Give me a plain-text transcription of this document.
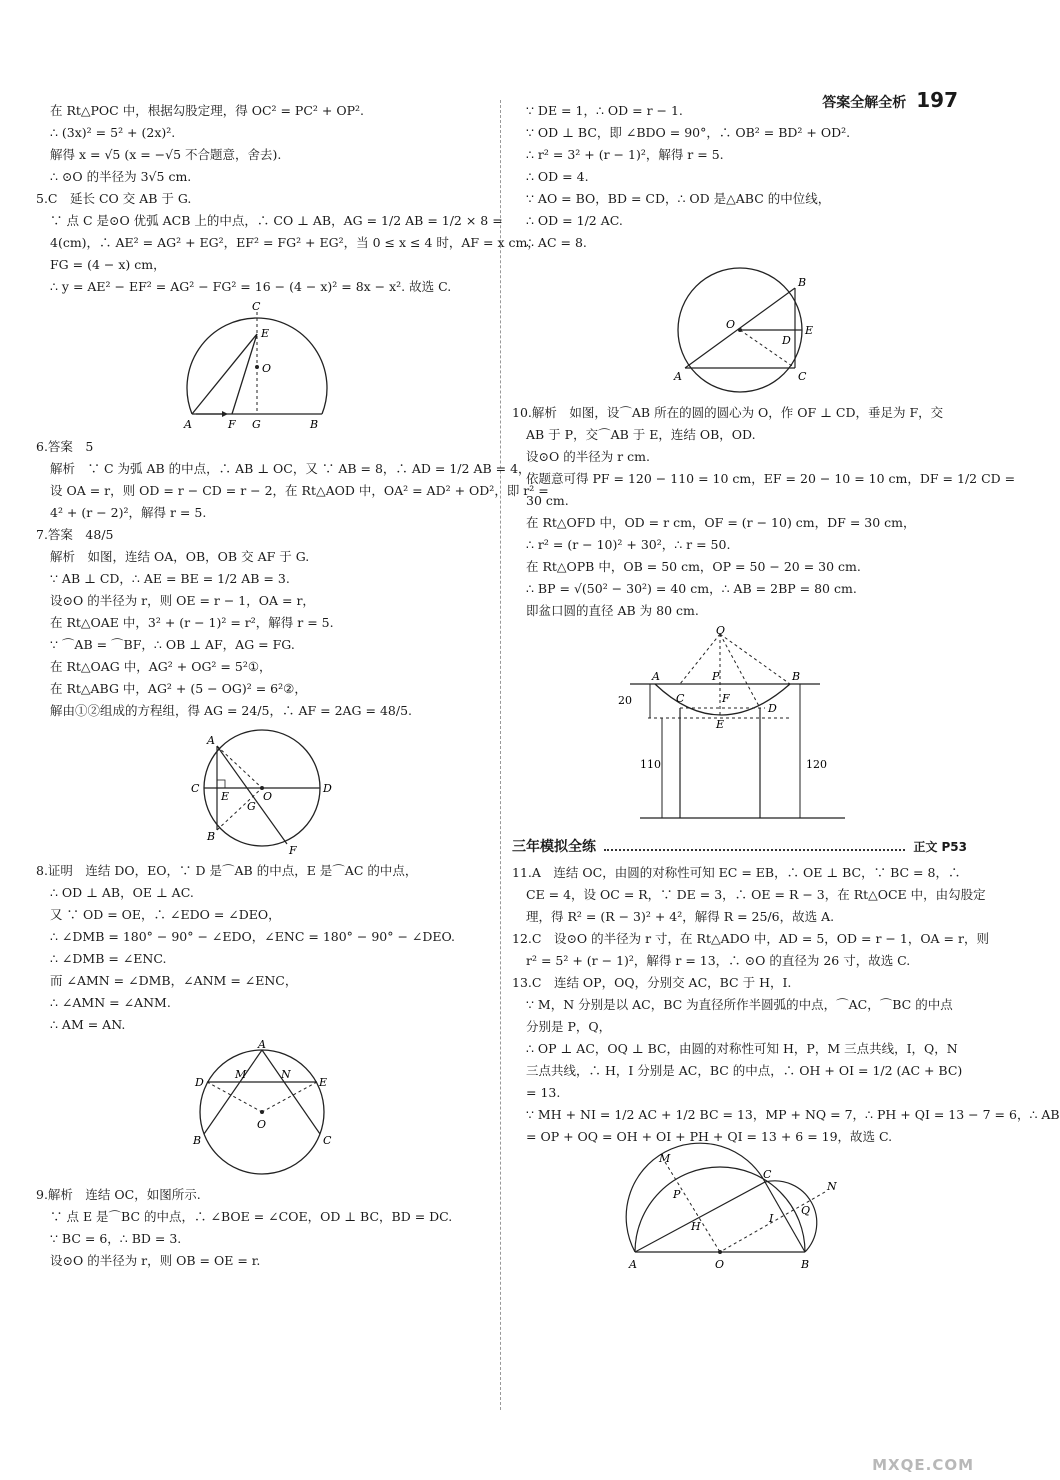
答案全解全析 197
在 Rt△POC 中，根据勾股定理，得 OC² = PC² + OP².
∴ (3x)² = 5² + (2x)².
解得 x = √5 (x = −√5 不合题意，舍去).
∴ ⊙O 的半径为 3√5 cm.
5.C　延长 CO 交 AB 于 G.
∵ 点 C 是⊙O 优弧 ACB 上的中点，∴ CO ⊥ AB，AG = 1/2 AB = 1/2 × 8 =
4(cm)，∴ AE² = AG² + EG²，EF² = FG² + EG²，当 0 ≤ x ≤ 4 时，AF = x cm，
FG = (4 − x) cm，
∴ y = AE² − EF² = AG² − FG² = 16 − (4 − x)² = 8x − x². 故选 C.
C
E
O
A	F G	B
6.答案　5
解析　∵ C 为弧 AB 的中点，∴ AB ⊥ OC，又 ∵ AB = 8，∴ AD = 1/2 AB = 4，
设 OA = r，则 OD = r − CD = r − 2，在 Rt△AOD 中，OA² = AD² + OD²，即 r² =
4² + (r − 2)²，解得 r = 5.
7.答案　48/5
解析　如图，连结 OA，OB，OB 交 AF 于 G.
∵ AB ⊥ CD，∴ AE = BE = 1/2 AB = 3.
设⊙O 的半径为 r，则 OE = r − 1，OA = r，
在 Rt△OAE 中，3² + (r − 1)² = r²，解得 r = 5.
∵ ⌒AB = ⌒BF，∴ OB ⊥ AF，AG = FG.
在 Rt△OAG 中，AG² + OG² = 5²①，
在 Rt△ABG 中，AG² + (5 − OG)² = 6²②，
解由①②组成的方程组，得 AG = 24/5，∴ AF = 2AG = 48/5.
A
C
E	O
D
G
B
F
8.证明　连结 DO，EO，∵ D 是⌒AB 的中点，E 是⌒AC 的中点，
∴ OD ⊥ AB，OE ⊥ AC.
又 ∵ OD = OE，∴ ∠EDO = ∠DEO，
∴ ∠DMB = 180° − 90° − ∠EDO，∠ENC = 180° − 90° − ∠DEO.
∴ ∠DMB = ∠ENC.
而 ∠AMN = ∠DMB，∠ANM = ∠ENC，
∴ ∠AMN = ∠ANM.
∴ AM = AN.
A
D
M	N
E
O
B	C
9.解析　连结 OC，如图所示.
∵ 点 E 是⌒BC 的中点，∴ ∠BOE = ∠COE，OD ⊥ BC，BD = DC.
∵ BC = 6，∴ BD = 3.
设⊙O 的半径为 r，则 OB = OE = r.
∵ DE = 1，∴ OD = r − 1.
∵ OD ⊥ BC，即 ∠BDO = 90°，∴ OB² = BD² + OD².
∴ r² = 3² + (r − 1)²，解得 r = 5.
∴ OD = 4.
∵ AO = BO，BD = CD，∴ OD 是△ABC 的中位线，
∴ OD = 1/2 AC.
∴ AC = 8.
B
O
D
E
A	C
10.解析　如图，设⌒AB 所在的圆的圆心为 O，作 OF ⊥ CD，垂足为 F，交
AB 于 P，交⌒AB 于 E，连结 OB，OD.
设⊙O 的半径为 r cm.
依题意可得 PF = 120 − 110 = 10 cm，EF = 20 − 10 = 10 cm，DF = 1/2 CD =
30 cm.
在 Rt△OFD 中，OD = r cm，OF = (r − 10) cm，DF = 30 cm，
∴ r² = (r − 10)² + 30²，∴ r = 50.
在 Rt△OPB 中，OB = 50 cm，OP = 50 − 20 = 30 cm.
∴ BP = √(50² − 30²) = 40 cm，∴ AB = 2BP = 80 cm.
即盆口圆的直径 AB 为 80 cm.
O
A	P	B
C	F
D
E
20
110	120
三年模拟全练	正文 P53
11.A　连结 OC，由圆的对称性可知 EC = EB，∴ OE ⊥ BC，∵ BC = 8，∴
CE = 4，设 OC = R，∵ DE = 3，∴ OE = R − 3，在 Rt△OCE 中，由勾股定
理，得 R² = (R − 3)² + 4²，解得 R = 25/6，故选 A.
12.C　设⊙O 的半径为 r 寸，在 Rt△ADO 中，AD = 5，OD = r − 1，OA = r，则
r² = 5² + (r − 1)²，解得 r = 13，∴ ⊙O 的直径为 26 寸，故选 C.
13.C　连结 OP，OQ，分别交 AC，BC 于 H，I.
∵ M，N 分别是以 AC，BC 为直径所作半圆弧的中点，⌒AC，⌒BC 的中点
分别是 P，Q，
∴ OP ⊥ AC，OQ ⊥ BC，由圆的对称性可知 H，P，M 三点共线，I，Q，N
三点共线，∴ H，I 分别是 AC，BC 的中点，∴ OH + OI = 1/2 (AC + BC)
= 13.
∵ MH + NI = 1/2 AC + 1/2 BC = 13，MP + NQ = 7，∴ PH + QI = 13 − 7 = 6，∴ AB
= OP + OQ = OH + OI + PH + QI = 13 + 6 = 19，故选 C.
M
C
N
P
Q
H
I
A	O	B
MXQE.COM
